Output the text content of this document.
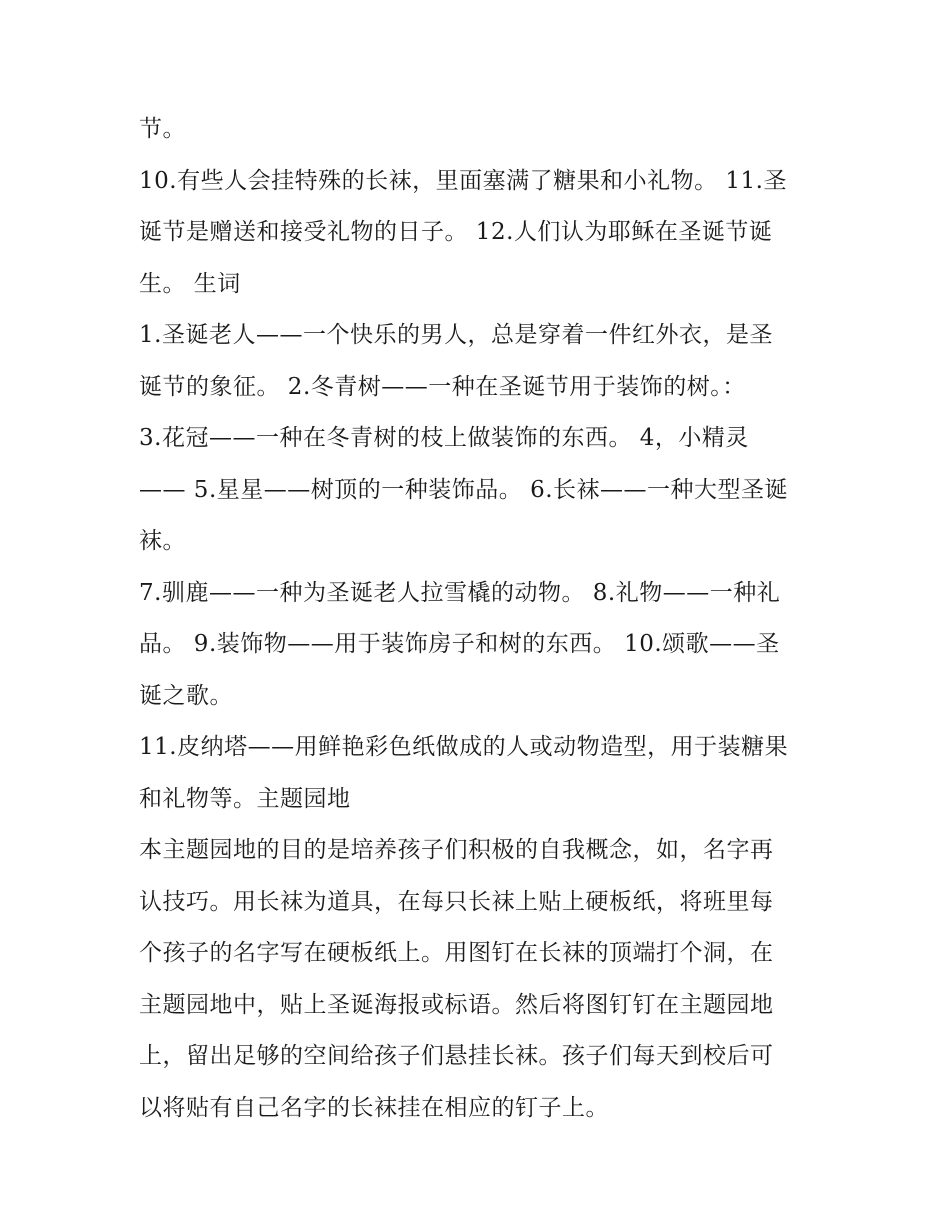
节。
10.有些人会挂特殊的长袜，里面塞满了糖果和小礼物。 11.圣
诞节是赠送和接受礼物的日子。 12.人们认为耶稣在圣诞节诞
生。 生词
1.圣诞老人——一个快乐的男人，总是穿着一件红外衣，是圣
诞节的象征。 2.冬青树——一种在圣诞节用于装饰的树。：
3.花冠——一种在冬青树的枝上做装饰的东西。 4，小精灵
—— 5.星星——树顶的一种装饰品。 6.长袜——一种大型圣诞
袜。
7.驯鹿——一种为圣诞老人拉雪橇的动物。 8.礼物——一种礼
品。 9.装饰物——用于装饰房子和树的东西。 10.颂歌——圣
诞之歌。
11.皮纳塔——用鲜艳彩色纸做成的人或动物造型，用于装糖果
和礼物等。主题园地
本主题园地的目的是培养孩子们积极的自我概念，如，名字再
认技巧。用长袜为道具，在每只长袜上贴上硬板纸，将班里每
个孩子的名字写在硬板纸上。用图钉在长袜的顶端打个洞，在
主题园地中，贴上圣诞海报或标语。然后将图钉钉在主题园地
上，留出足够的空间给孩子们悬挂长袜。孩子们每天到校后可
以将贴有自己名字的长袜挂在相应的钉子上。
